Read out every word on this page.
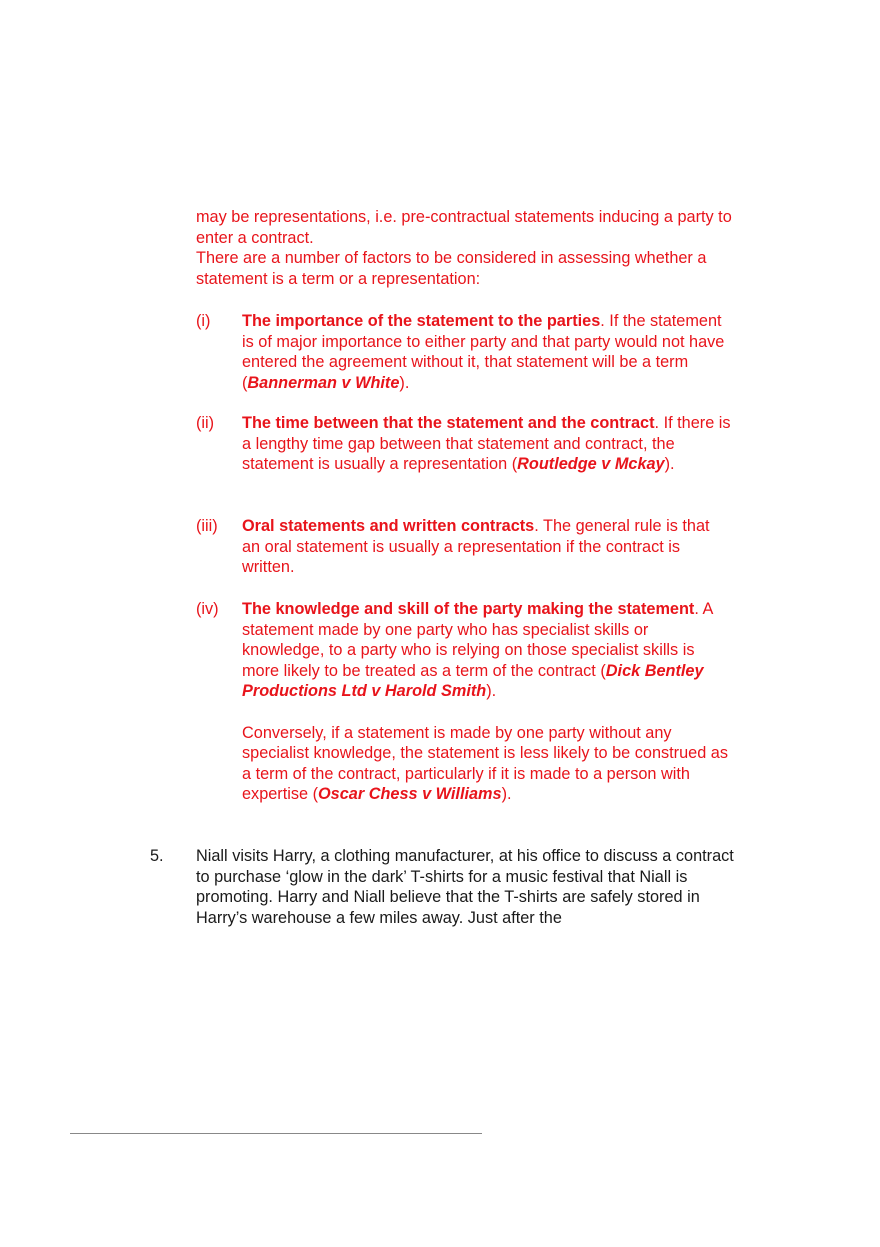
may be representations, i.e. pre-contractual statements inducing a party to enter a contract.

There are a number of factors to be considered in assessing whether a statement is a term or a representation:

(i) The importance of the statement to the parties. If the statement is of major importance to either party and that party would not have entered the agreement without it, that statement will be a term (Bannerman v White).
(ii) The time between that the statement and the contract. If there is a lengthy time gap between that statement and contract, the statement is usually a representation (Routledge v Mckay).
(iii) Oral statements and written contracts. The general rule is that an oral statement is usually a representation if the contract is written.
(iv) The knowledge and skill of the party making the statement. A statement made by one party who has specialist skills or knowledge, to a party who is relying on those specialist skills is more likely to be treated as a term of the contract (Dick Bentley Productions Ltd v Harold Smith).
Conversely, if a statement is made by one party without any specialist knowledge, the statement is less likely to be construed as a term of the contract, particularly if it is made to a person with expertise (Oscar Chess v Williams).
5. Niall visits Harry, a clothing manufacturer, at his office to discuss a contract to purchase ‘glow in the dark’ T-shirts for a music festival that Niall is promoting. Harry and Niall believe that the T-shirts are safely stored in Harry’s warehouse a few miles away. Just after the
